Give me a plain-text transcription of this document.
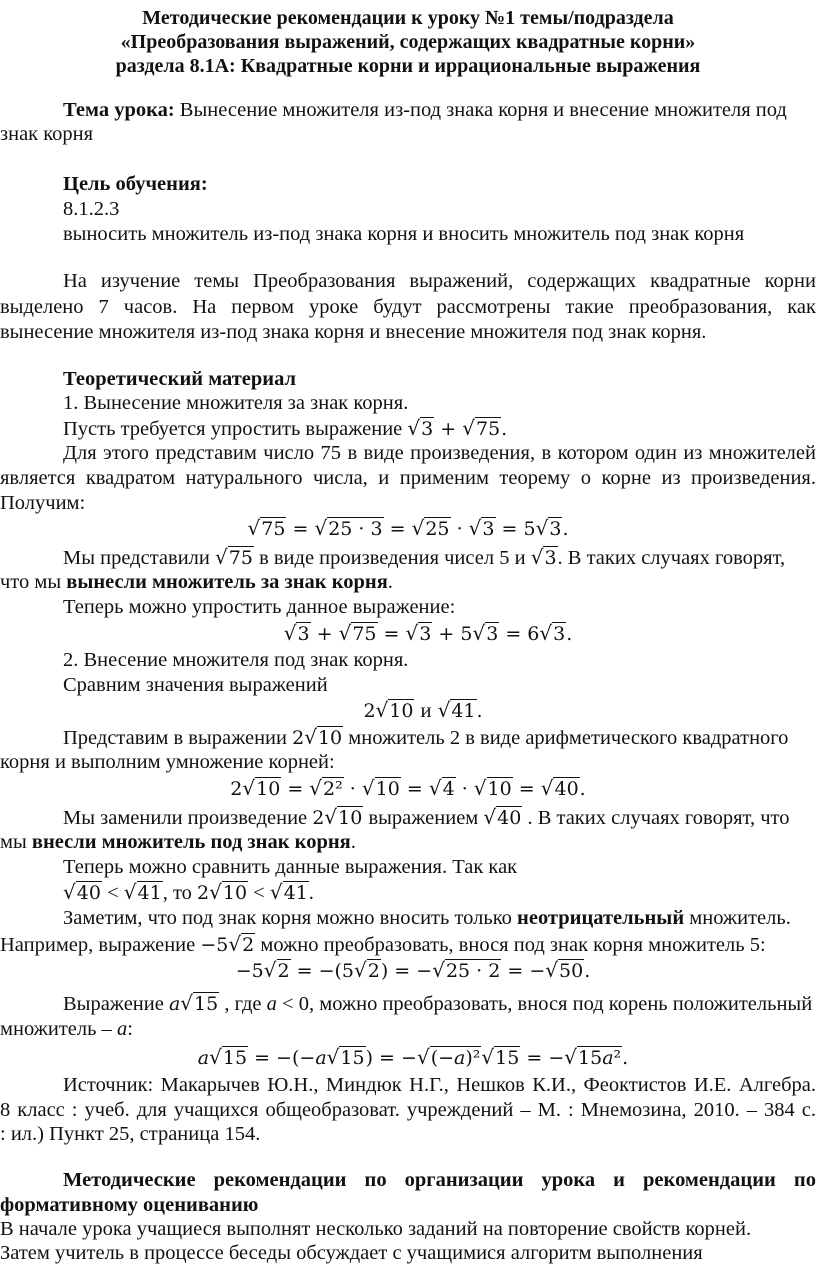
Методические рекомендации к уроку №1 темы/подраздела
«Преобразования выражений, содержащих квадратные корни»
раздела 8.1А: Квадратные корни и иррациональные выражения
Тема урока: Вынесение множителя из-под знака корня и внесение множителя под
знак корня
Цель обучения:
8.1.2.3
выносить множитель из-под знака корня и вносить множитель под знак корня
На изучение темы Преобразования выражений, содержащих квадратные корни
выделено 7 часов. На первом уроке будут рассмотрены такие преобразования, как
вынесение множителя из-под знака корня и внесение множителя под знак корня.
Теоретический материал
1. Вынесение множителя за знак корня.
Пусть требуется упростить выражение √3 + √75.
Для этого представим число 75 в виде произведения, в котором один из множителей
является квадратом натурального числа, и применим теорему о корне из произведения.
Получим:
√75 = √25 · 3 = √25 · √3 = 5√3.
Мы представили √75 в виде произведения чисел 5 и √3. В таких случаях говорят,
что мы вынесли множитель за знак корня.
Теперь можно упростить данное выражение:
√3 + √75 = √3 + 5√3 = 6√3.
2. Внесение множителя под знак корня.
Сравним значения выражений
2√10 и √41.
Представим в выражении 2√10 множитель 2 в виде арифметического квадратного
корня и выполним умножение корней:
2√10 = √2² · √10 = √4 · √10 = √40.
Мы заменили произведение 2√10 выражением √40 . В таких случаях говорят, что
мы внесли множитель под знак корня.
Теперь можно сравнить данные выражения. Так как
√40 < √41, то 2√10 < √41.
Заметим, что под знак корня можно вносить только неотрицательный множитель.
Например, выражение −5√2 можно преобразовать, внося под знак корня множитель 5:
−5√2 = −(5√2) = −√25 · 2 = −√50.
Выражение a√15 , где a < 0, можно преобразовать, внося под корень положительный
множитель – a:
a√15 = −(−a√15) = −√(−a)²√15 = −√15a².
Источник: Макарычев Ю.Н., Миндюк Н.Г., Нешков К.И., Феоктистов И.Е. Алгебра.
8 класс : учеб. для учащихся общеобразоват. учреждений – М. : Мнемозина, 2010. – 384 с.
: ил.) Пункт 25, страница 154.
Методические рекомендации по организации урока и рекомендации по
формативному оцениванию
В начале урока учащиеся выполнят несколько заданий на повторение свойств корней.
Затем учитель в процессе беседы обсуждает с учащимися алгоритм выполнения
